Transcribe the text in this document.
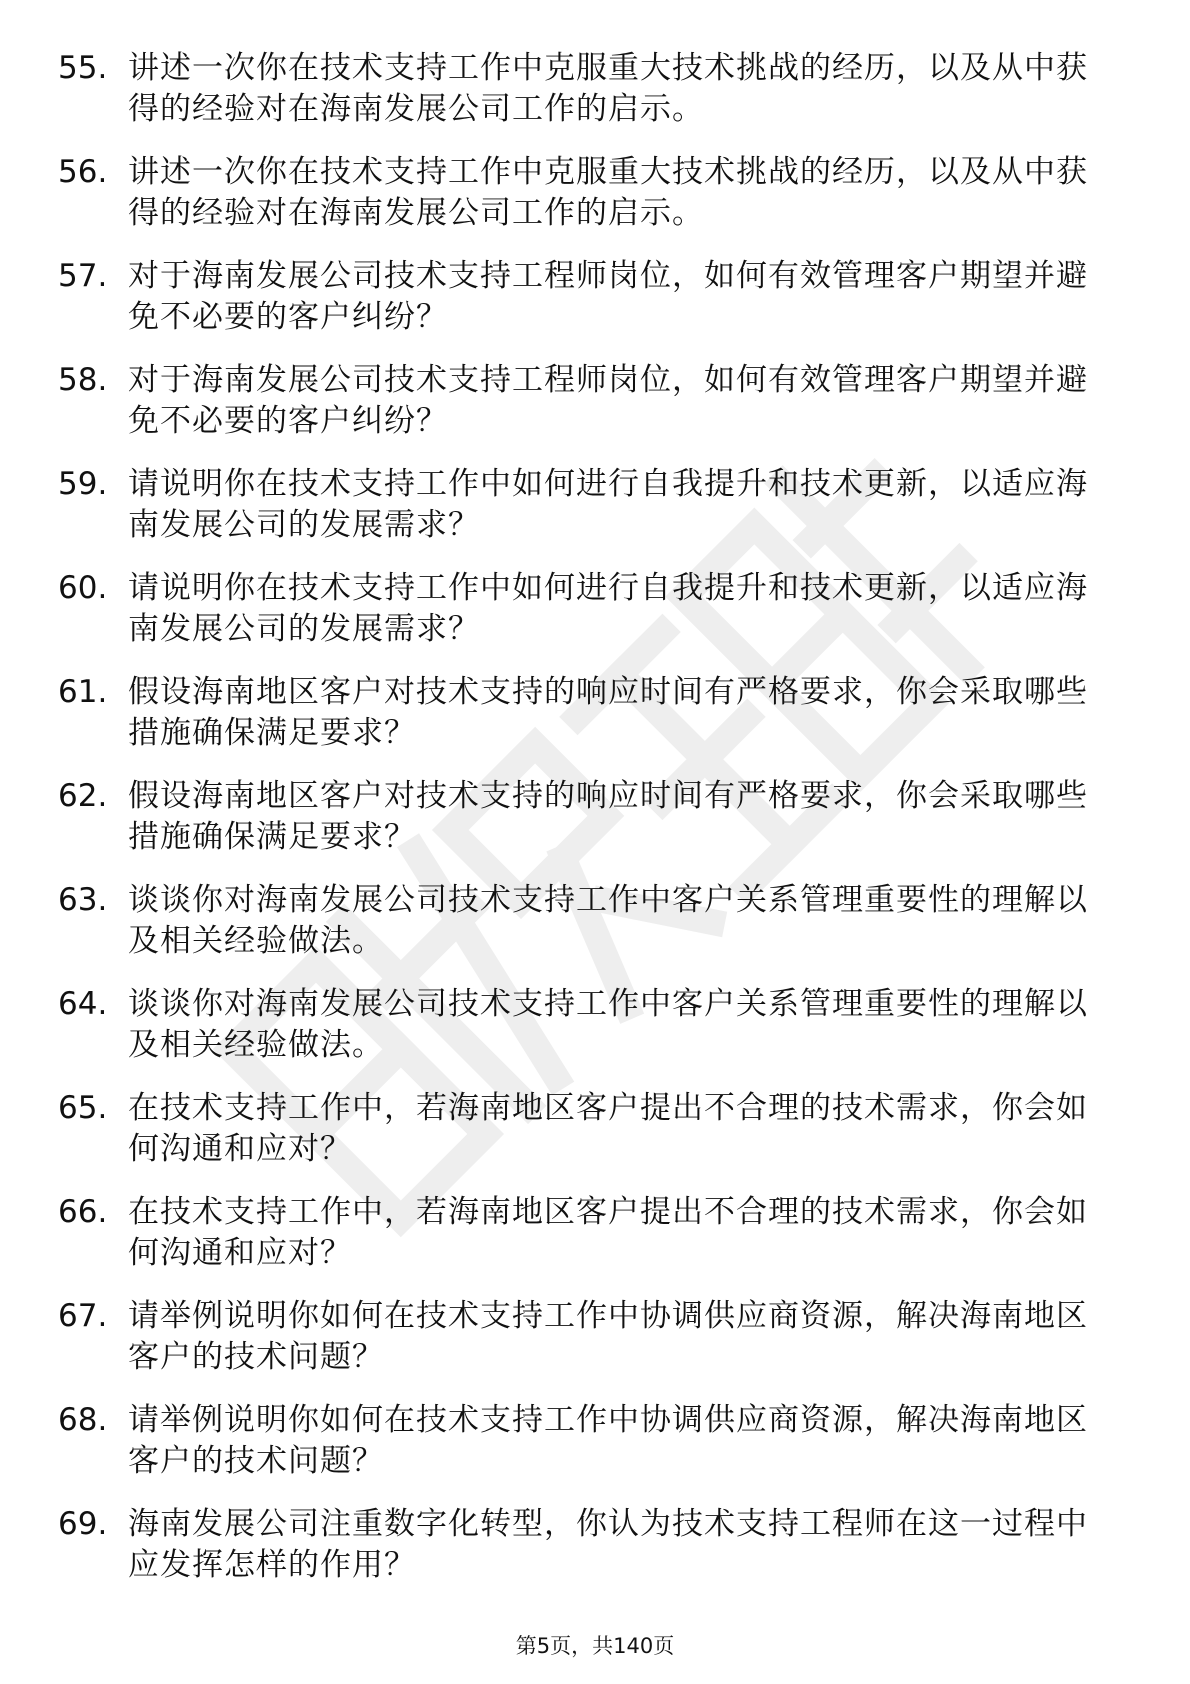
55. 讲述一次你在技术支持工作中克服重大技术挑战的经历，以及从中获得的经验对在海南发展公司工作的启示。
56. 讲述一次你在技术支持工作中克服重大技术挑战的经历，以及从中获得的经验对在海南发展公司工作的启示。
57. 对于海南发展公司技术支持工程师岗位，如何有效管理客户期望并避免不必要的客户纠纷？
58. 对于海南发展公司技术支持工程师岗位，如何有效管理客户期望并避免不必要的客户纠纷？
59. 请说明你在技术支持工作中如何进行自我提升和技术更新，以适应海南发展公司的发展需求？
60. 请说明你在技术支持工作中如何进行自我提升和技术更新，以适应海南发展公司的发展需求？
61. 假设海南地区客户对技术支持的响应时间有严格要求，你会采取哪些措施确保满足要求？
62. 假设海南地区客户对技术支持的响应时间有严格要求，你会采取哪些措施确保满足要求？
63. 谈谈你对海南发展公司技术支持工作中客户关系管理重要性的理解以及相关经验做法。
64. 谈谈你对海南发展公司技术支持工作中客户关系管理重要性的理解以及相关经验做法。
65. 在技术支持工作中，若海南地区客户提出不合理的技术需求，你会如何沟通和应对？
66. 在技术支持工作中，若海南地区客户提出不合理的技术需求，你会如何沟通和应对？
67. 请举例说明你如何在技术支持工作中协调供应商资源，解决海南地区客户的技术问题？
68. 请举例说明你如何在技术支持工作中协调供应商资源，解决海南地区客户的技术问题？
69. 海南发展公司注重数字化转型，你认为技术支持工程师在这一过程中应发挥怎样的作用？
第5页，共140页
